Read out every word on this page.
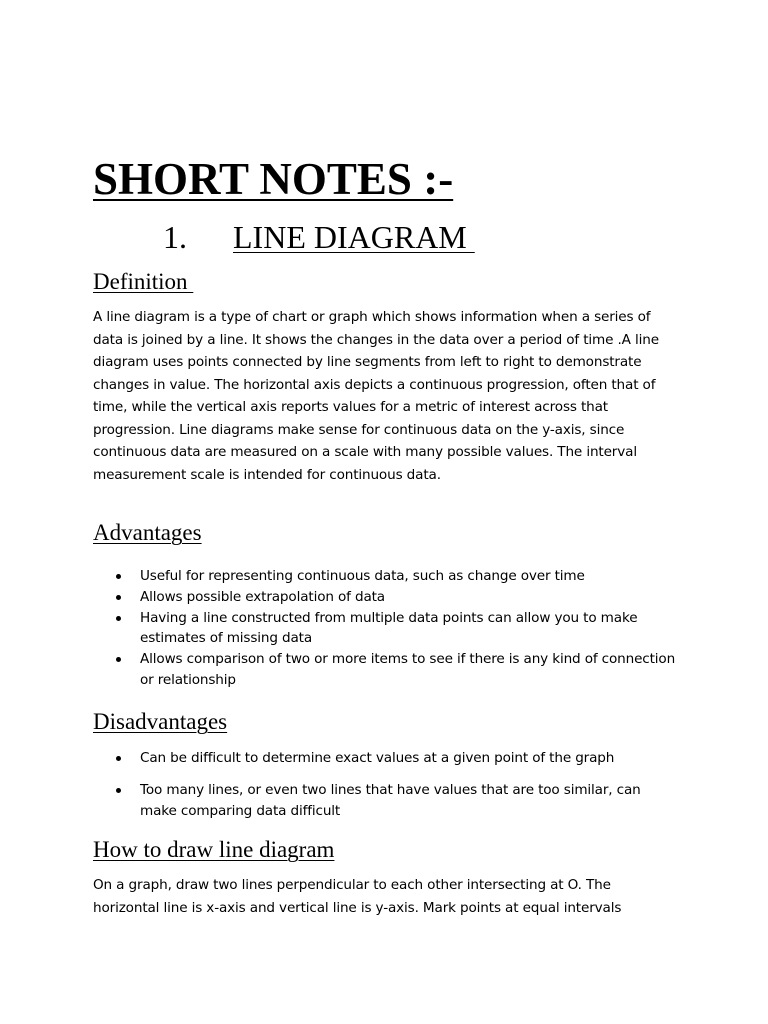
SHORT NOTES :-
1. LINE DIAGRAM
Definition

A line diagram is a type of chart or graph which shows information when a series of data is joined by a line. It shows the changes in the data over a period of time .A line diagram uses points connected by line segments from left to right to demonstrate changes in value. The horizontal axis depicts a continuous progression, often that of time, while the vertical axis reports values for a metric of interest across that progression. Line diagrams make sense for continuous data on the y-axis, since continuous data are measured on a scale with many possible values. The interval measurement scale is intended for continuous data.

Advantages
Useful for representing continuous data, such as change over time
Allows possible extrapolation of data
Having a line constructed from multiple data points can allow you to make estimates of missing data
Allows comparison of two or more items to see if there is any kind of connection or relationship
Disadvantages
Can be difficult to determine exact values at a given point of the graph
Too many lines, or even two lines that have values that are too similar, can make comparing data difficult
How to draw line diagram

On a graph, draw two lines perpendicular to each other intersecting at O. The horizontal line is x-axis and vertical line is y-axis. Mark points at equal intervals
